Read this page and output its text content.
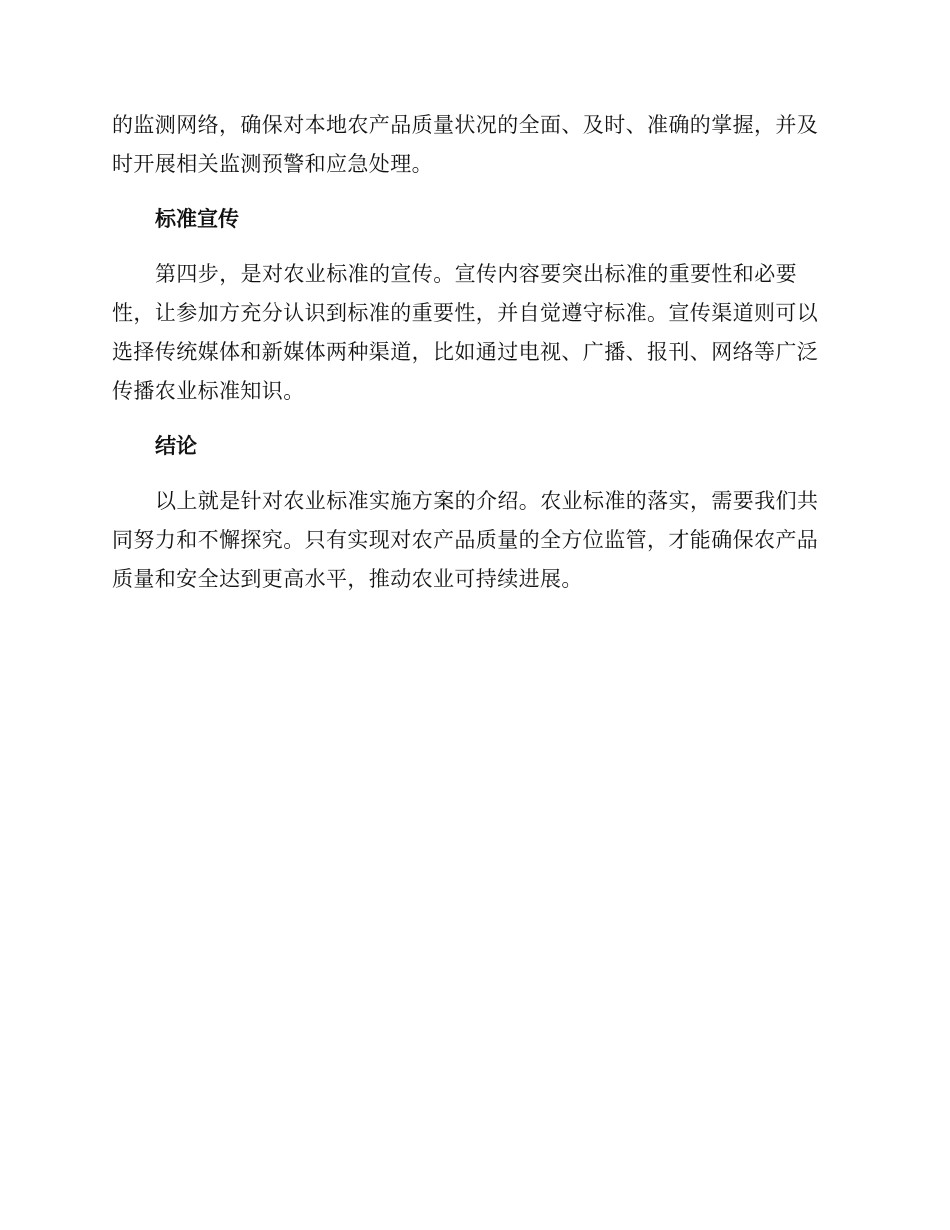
的监测网络，确保对本地农产品质量状况的全面、及时、准确的掌握，并及时开展相关监测预警和应急处理。

标准宣传

第四步，是对农业标准的宣传。宣传内容要突出标准的重要性和必要性，让参加方充分认识到标准的重要性，并自觉遵守标准。宣传渠道则可以选择传统媒体和新媒体两种渠道，比如通过电视、广播、报刊、网络等广泛传播农业标准知识。

结论

以上就是针对农业标准实施方案的介绍。农业标准的落实，需要我们共同努力和不懈探究。只有实现对农产品质量的全方位监管，才能确保农产品质量和安全达到更高水平，推动农业可持续进展。
